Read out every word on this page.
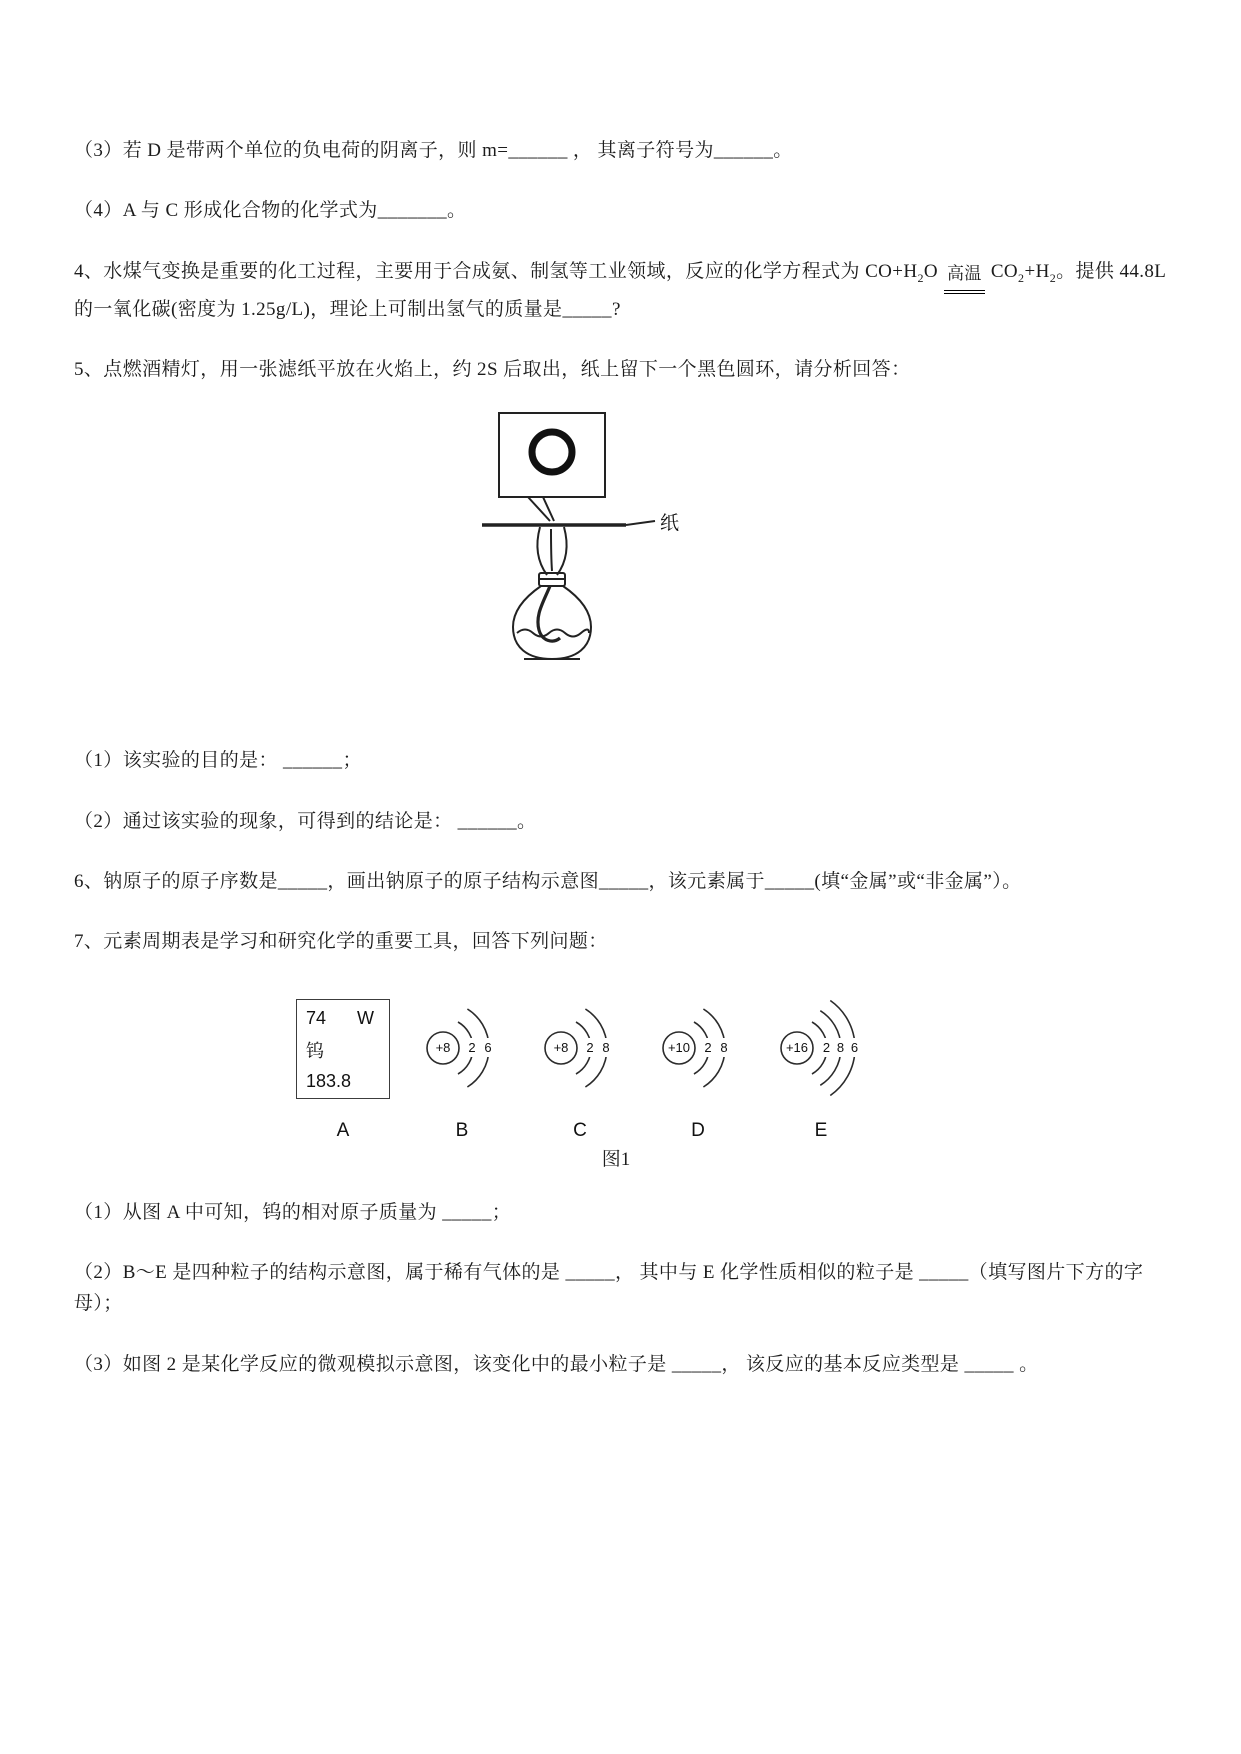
（3）若 D 是带两个单位的负电荷的阴离子，则 m=______ ， 其离子符号为______。

（4）A 与 C 形成化合物的化学式为_______。

4、水煤气变换是重要的化工过程，主要用于合成氨、制氢等工业领域，反应的化学方程式为 $CO+H_2O$ 高温 $CO_2+H_2$。提供 44.8L 的一氧化碳(密度为 1.25g/L)，理论上可制出氢气的质量是_____?

5、点燃酒精灯，用一张滤纸平放在火焰上，约 2S 后取出，纸上留下一个黑色圆环，请分析回答：

纸

（1）该实验的目的是： ______；

（2）通过该实验的现象，可得到的结论是： ______。

6、钠原子的原子序数是_____，画出钠原子的原子结构示意图_____，该元素属于_____(填“金属”或“非金属”）。

7、元素周期表是学习和研究化学的重要工具，回答下列问题：

74 W
钨
183.8
A
+8 2 6
B
+8 2 8
C
+10 2 8
D
+16 2 8 6
E
图1

（1）从图 A 中可知，钨的相对原子质量为 _____；

（2）B～E 是四种粒子的结构示意图，属于稀有气体的是 _____， 其中与 E 化学性质相似的粒子是 _____（填写图片下方的字母）；

（3）如图 2 是某化学反应的微观模拟示意图，该变化中的最小粒子是 _____， 该反应的基本反应类型是 _____ 。
